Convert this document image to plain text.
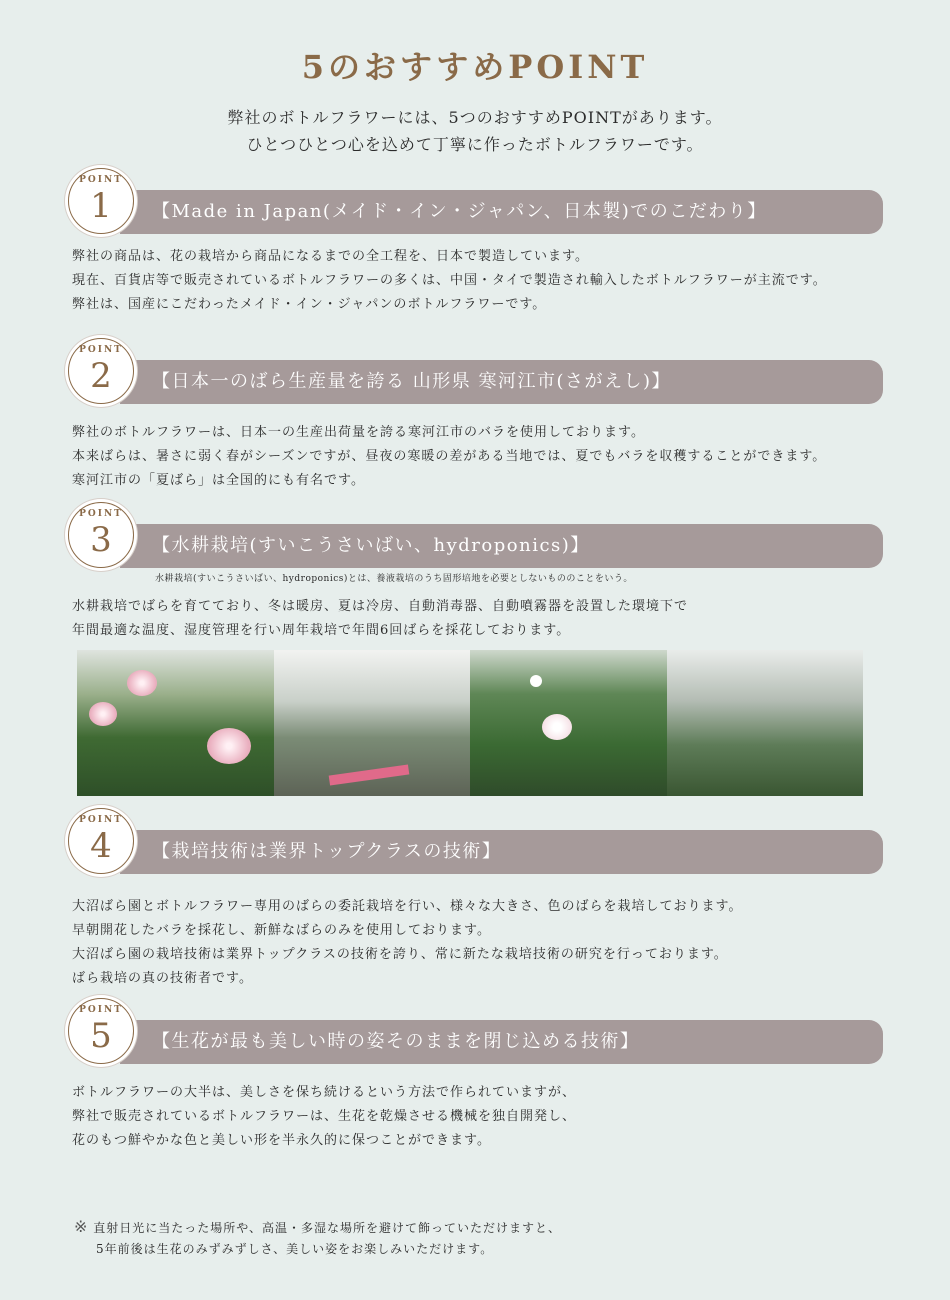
5のおすすめPOINT
弊社のボトルフラワーには、5つのおすすめPOINTがあります。
ひとつひとつ心を込めて丁寧に作ったボトルフラワーです。
POINT
1	【Made in Japan(メイド・イン・ジャパン、日本製)でのこだわり】
弊社の商品は、花の栽培から商品になるまでの全工程を、日本で製造しています。
現在、百貨店等で販売されているボトルフラワーの多くは、中国・タイで製造され輸入したボトルフラワーが主流です。
弊社は、国産にこだわったメイド・イン・ジャパンのボトルフラワーです。
POINT
2	【日本一のばら生産量を誇る 山形県 寒河江市(さがえし)】
弊社のボトルフラワーは、日本一の生産出荷量を誇る寒河江市のバラを使用しております。
本来ばらは、暑さに弱く春がシーズンですが、昼夜の寒暖の差がある当地では、夏でもバラを収穫することができます。
寒河江市の「夏ばら」は全国的にも有名です。
POINT
3	【水耕栽培(すいこうさいばい、hydroponics)】
水耕栽培(すいこうさいばい、hydroponics)とは、養液栽培のうち固形培地を必要としないもののことをいう。
水耕栽培でばらを育てており、冬は暖房、夏は冷房、自動消毒器、自動噴霧器を設置した環境下で
年間最適な温度、湿度管理を行い周年栽培で年間6回ばらを採花しております。
POINT
4	【栽培技術は業界トップクラスの技術】
大沼ばら園とボトルフラワー専用のばらの委託栽培を行い、様々な大きさ、色のばらを栽培しております。
早朝開花したバラを採花し、新鮮なばらのみを使用しております。
大沼ばら園の栽培技術は業界トップクラスの技術を誇り、常に新たな栽培技術の研究を行っております。
ばら栽培の真の技術者です。
POINT
5	【生花が最も美しい時の姿そのままを閉じ込める技術】
ボトルフラワーの大半は、美しさを保ち続けるという方法で作られていますが、
弊社で販売されているボトルフラワーは、生花を乾燥させる機械を独自開発し、
花のもつ鮮やかな色と美しい形を半永久的に保つことができます。
※ 直射日光に当たった場所や、高温・多湿な場所を避けて飾っていただけますと、
5年前後は生花のみずみずしさ、美しい姿をお楽しみいただけます。
